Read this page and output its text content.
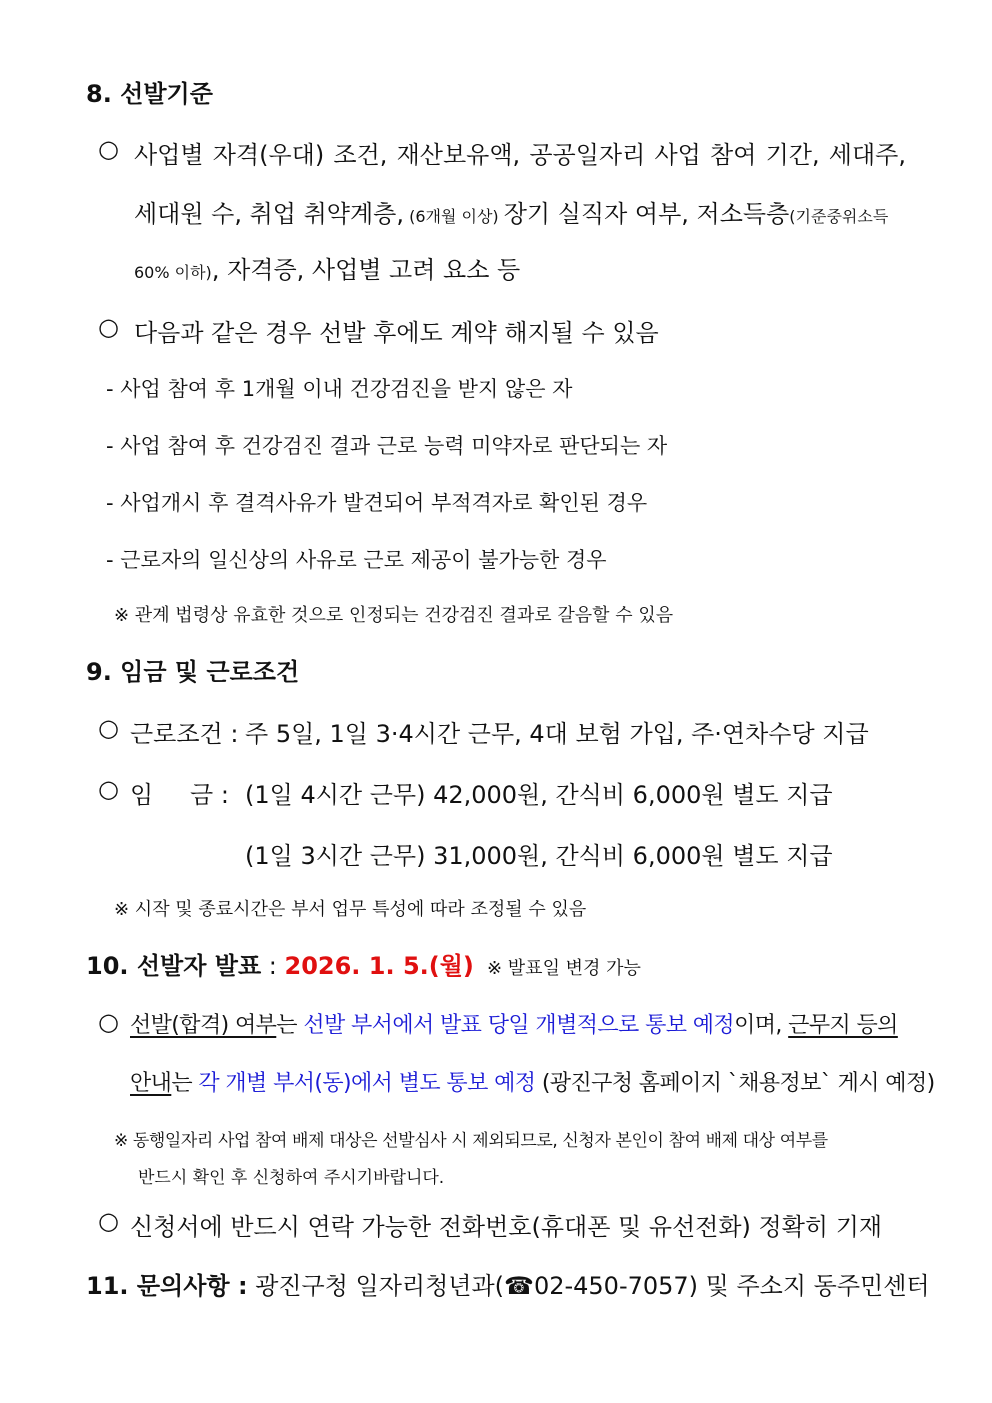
8. 선발기준
○ 사업별 자격(우대) 조건, 재산보유액, 공공일자리 사업 참여 기간, 세대주,
세대원 수, 취업 취약계층, (6개월 이상) 장기 실직자 여부, 저소득층(기준중위소득
60% 이하), 자격증, 사업별 고려 요소 등
○ 다음과 같은 경우 선발 후에도 계약 해지될 수 있음
- 사업 참여 후 1개월 이내 건강검진을 받지 않은 자
- 사업 참여 후 건강검진 결과 근로 능력 미약자로 판단되는 자
- 사업개시 후 결격사유가 발견되어 부적격자로 확인된 경우
- 근로자의 일신상의 사유로 근로 제공이 불가능한 경우
※ 관계 법령상 유효한 것으로 인정되는 건강검진 결과로 갈음할 수 있음
9. 임금 및 근로조건
○ 근로조건 : 주 5일, 1일 3·4시간 근무, 4대 보험 가입, 주·연차수당 지급
○ 임 금 : (1일 4시간 근무) 42,000원, 간식비 6,000원 별도 지급
(1일 3시간 근무) 31,000원, 간식비 6,000원 별도 지급
※ 시작 및 종료시간은 부서 업무 특성에 따라 조정될 수 있음
10. 선발자 발표 : 2026. 1. 5.(월) ※ 발표일 변경 가능
○ 선발(합격) 여부는 선발 부서에서 발표 당일 개별적으로 통보 예정이며, 근무지 등의
안내는 각 개별 부서(동)에서 별도 통보 예정 (광진구청 홈페이지 `채용정보` 게시 예정)
※ 동행일자리 사업 참여 배제 대상은 선발심사 시 제외되므로, 신청자 본인이 참여 배제 대상 여부를
반드시 확인 후 신청하여 주시기바랍니다.
○ 신청서에 반드시 연락 가능한 전화번호(휴대폰 및 유선전화) 정확히 기재
11. 문의사항 : 광진구청 일자리청년과(☎02-450-7057) 및 주소지 동주민센터
